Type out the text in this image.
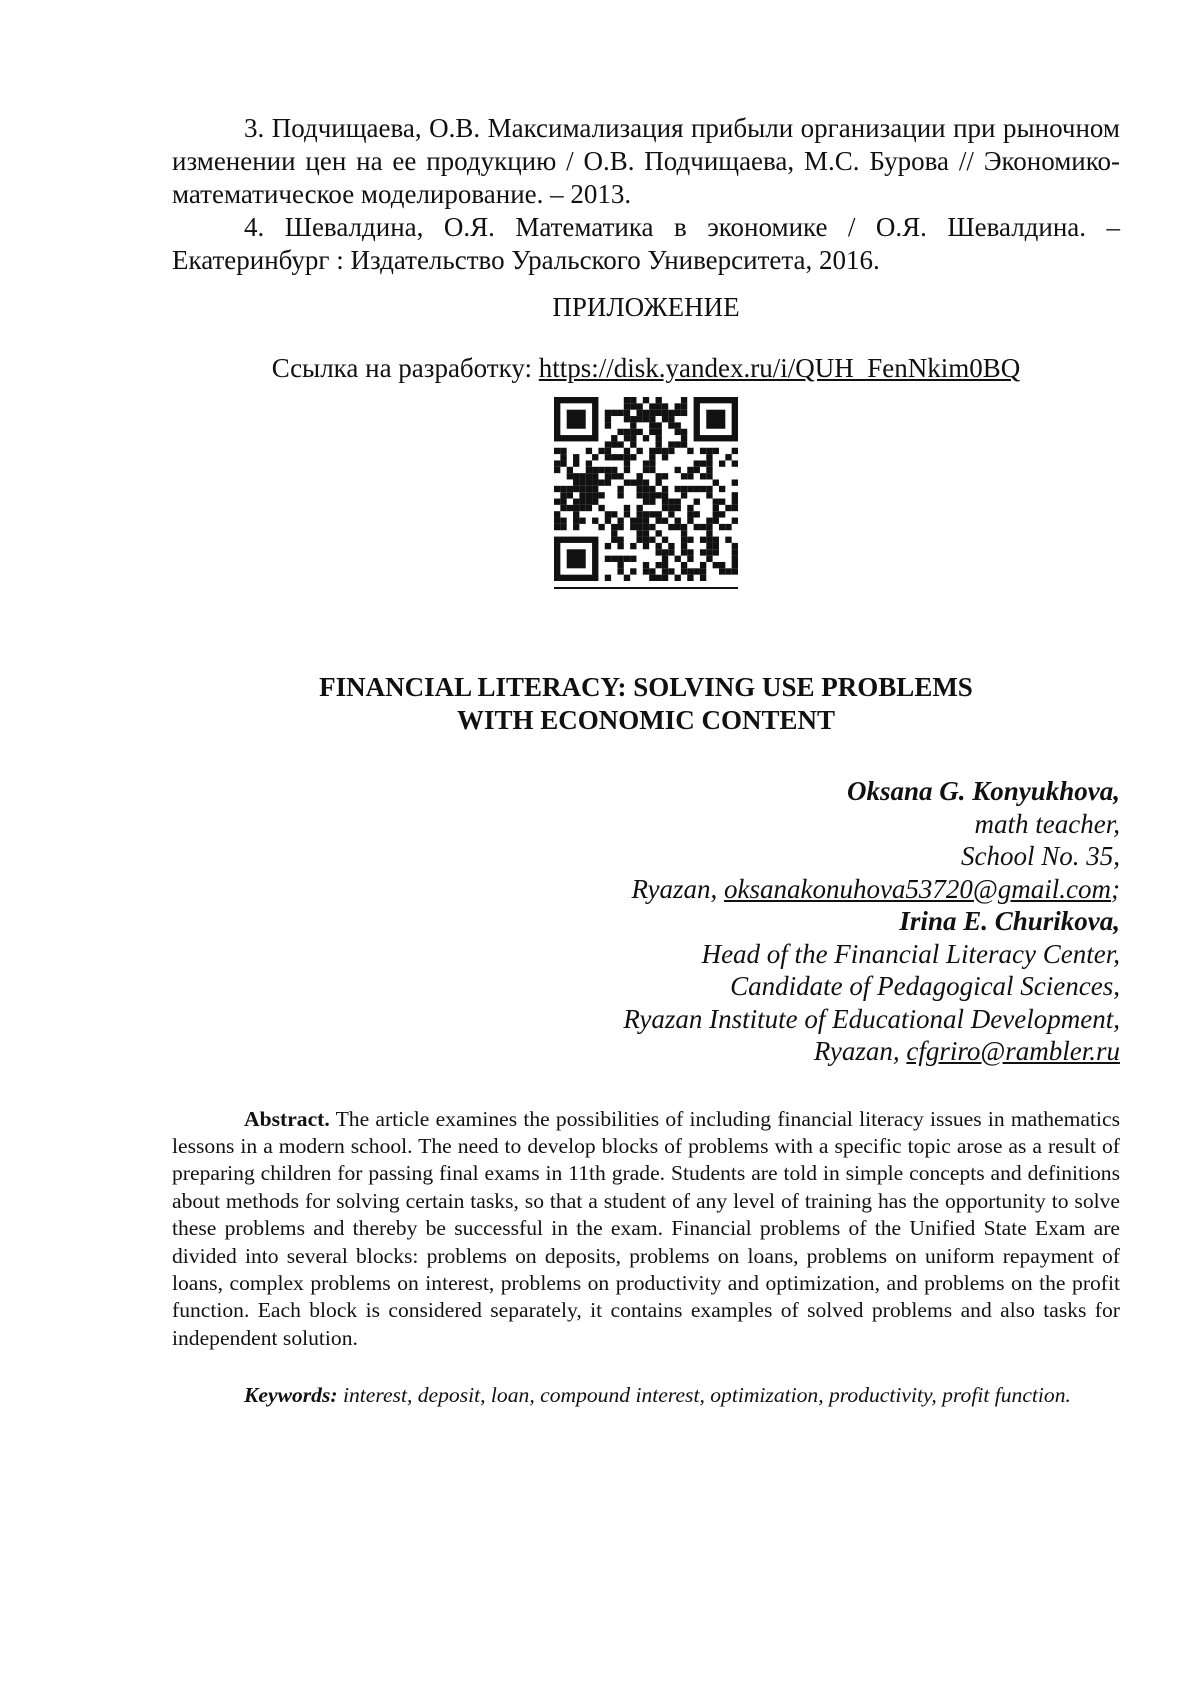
3. Подчищаева, О.В. Максимализация прибыли организации при рыночном изменении цен на ее продукцию / О.В. Подчищаева, М.С. Бурова // Экономико-математическое моделирование. – 2013.

4. Шевалдина, О.Я. Математика в экономике / О.Я. Шевалдина. – Екатеринбург : Издательство Уральского Университета, 2016.

ПРИЛОЖЕНИЕ
Ссылка на разработку: https://disk.yandex.ru/i/QUH_FenNkim0BQ
FINANCIAL LITERACY: SOLVING USE PROBLEMS
WITH ECONOMIC CONTENT
Oksana G. Konyukhova,
math teacher,
School No. 35,
Ryazan, oksanakonuhova53720@gmail.com;
Irina E. Churikova,
Head of the Financial Literacy Center,
Candidate of Pedagogical Sciences,
Ryazan Institute of Educational Development,
Ryazan, cfgriro@rambler.ru

Abstract. The article examines the possibilities of including financial literacy issues in mathematics lessons in a modern school. The need to develop blocks of problems with a specific topic arose as a result of preparing children for passing final exams in 11th grade. Students are told in simple concepts and definitions about methods for solving certain tasks, so that a student of any level of training has the opportunity to solve these problems and thereby be successful in the exam. Financial problems of the Unified State Exam are divided into several blocks: problems on deposits, problems on loans, problems on uniform repayment of loans, complex problems on interest, problems on productivity and optimization, and problems on the profit function. Each block is considered separately, it contains examples of solved problems and also tasks for independent solution.

Keywords: interest, deposit, loan, compound interest, optimization, productivity, profit function.
